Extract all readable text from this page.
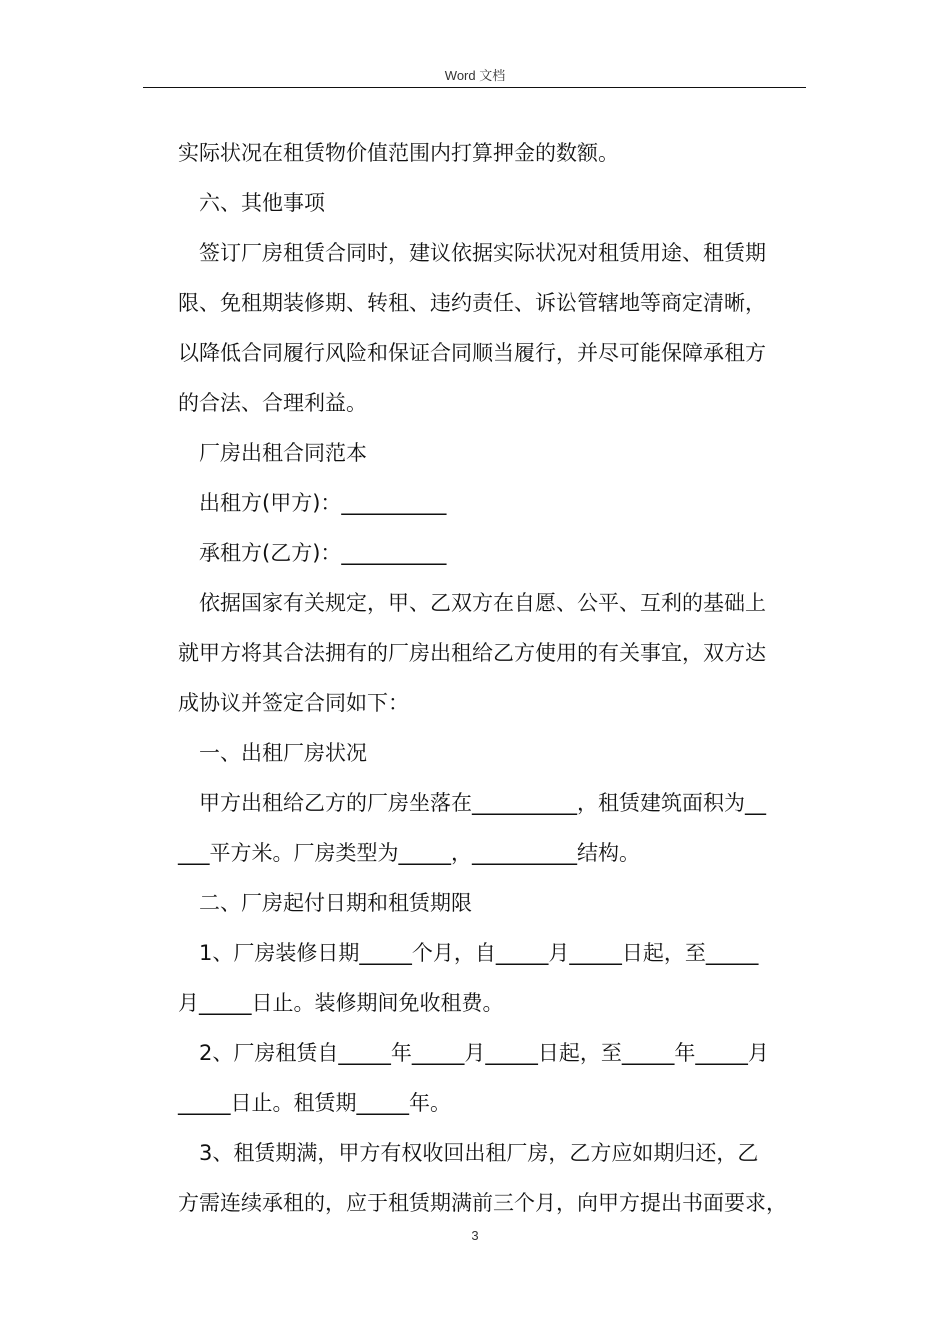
Word 文档
实际状况在租赁物价值范围内打算押金的数额。
　六、其他事项
　签订厂房租赁合同时，建议依据实际状况对租赁用途、租赁期
限、免租期装修期、转租、违约责任、诉讼管辖地等商定清晰，
以降低合同履行风险和保证合同顺当履行，并尽可能保障承租方
的合法、合理利益。
　厂房出租合同范本
　出租方(甲方)：__________
　承租方(乙方)：__________
　依据国家有关规定，甲、乙双方在自愿、公平、互利的基础上
就甲方将其合法拥有的厂房出租给乙方使用的有关事宜，双方达
成协议并签定合同如下：
　一、出租厂房状况
　甲方出租给乙方的厂房坐落在__________，租赁建筑面积为__
___平方米。厂房类型为_____，__________结构。
　二、厂房起付日期和租赁期限
　1、厂房装修日期_____个月，自_____月_____日起，至_____
月_____日止。装修期间免收租费。
　2、厂房租赁自_____年_____月_____日起，至_____年_____月
_____日止。租赁期_____年。
　3、租赁期满，甲方有权收回出租厂房，乙方应如期归还，乙
方需连续承租的，应于租赁期满前三个月，向甲方提出书面要求，
3
